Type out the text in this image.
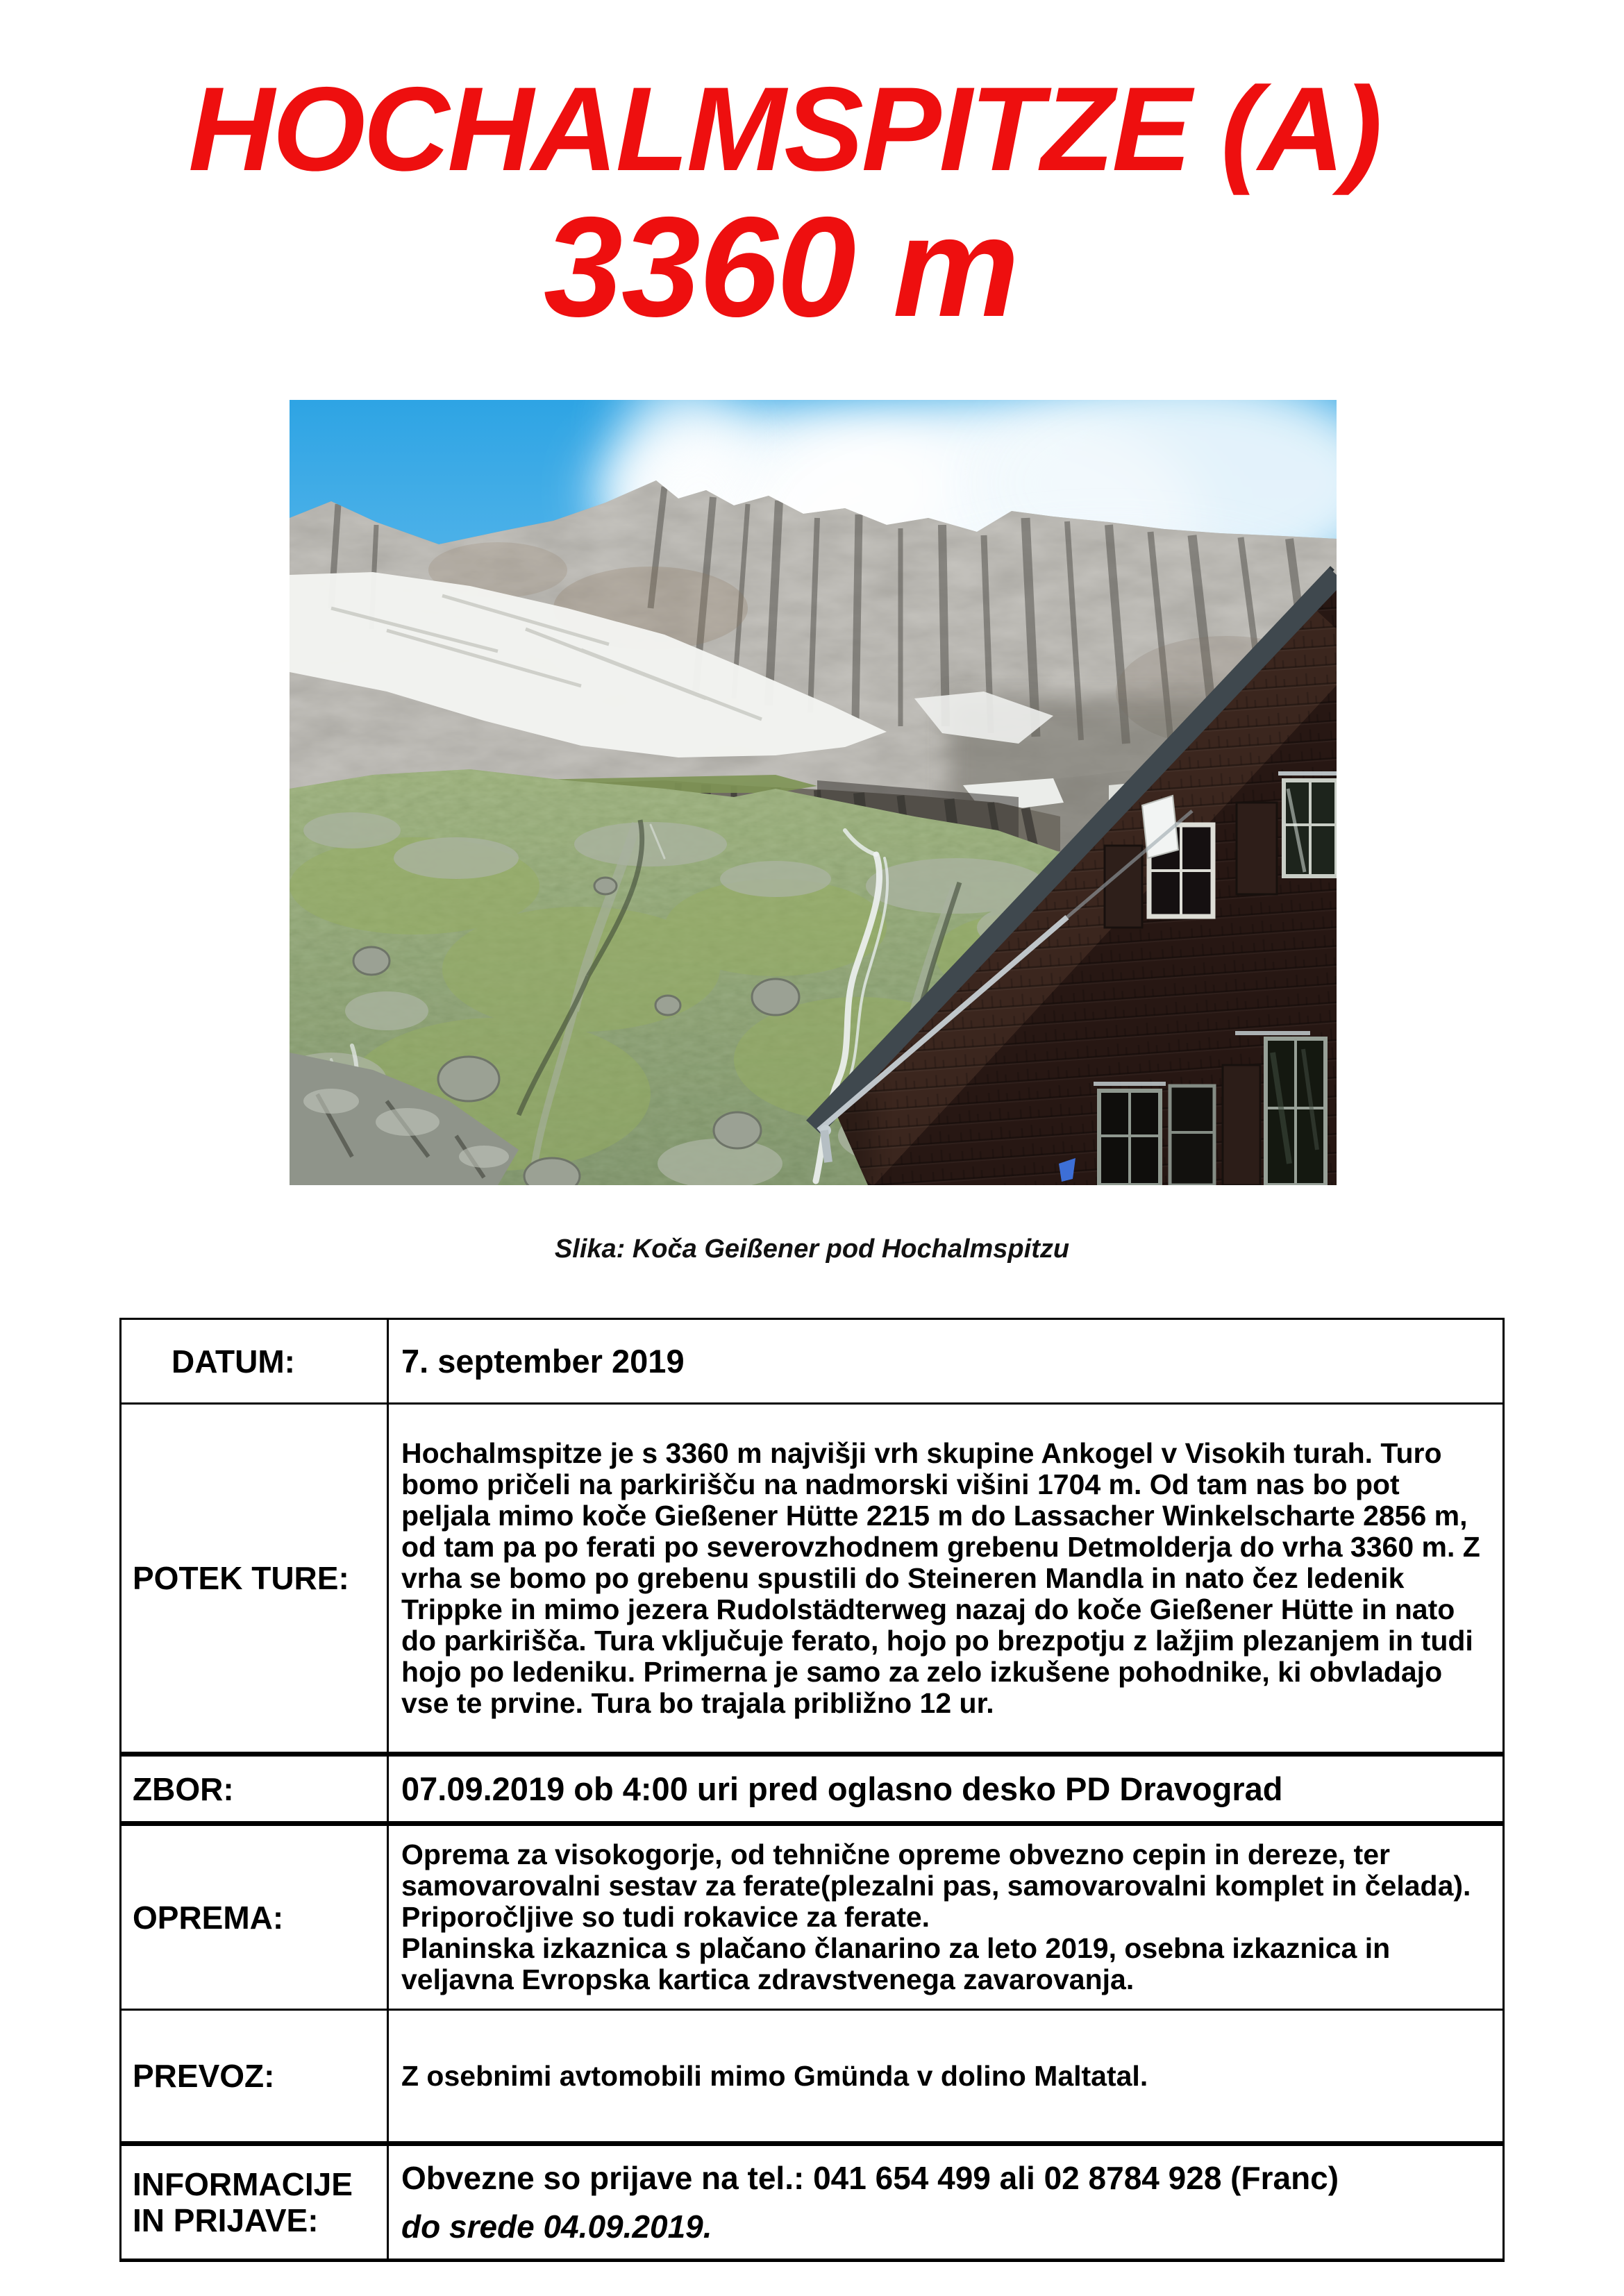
HOCHALMSPITZE (A)
3360 m
Slika: Koča Geißener pod Hochalmspitzu
DATUM:	7. september 2019

POTEK TURE:	Hochalmspitze je s 3360 m najvišji vrh skupine Ankogel v Visokih turah. Turo bomo pričeli na parkirišču na nadmorski višini 1704 m. Od tam nas bo pot peljala mimo koče Gießener Hütte 2215 m do Lassacher Winkelscharte 2856 m, od tam pa po ferati po severovzhodnem grebenu Detmolderja do vrha 3360 m. Z vrha se bomo po grebenu spustili do Steineren Mandla in nato čez ledenik Trippke in mimo jezera Rudolstädterweg nazaj do koče Gießener Hütte in nato do parkirišča. Tura vključuje ferato, hojo po brezpotju z lažjim plezanjem in tudi hojo po ledeniku. Primerna je samo za zelo izkušene pohodnike, ki obvladajo vse te prvine. Tura bo trajala približno 12 ur.

ZBOR:	07.09.2019 ob 4:00 uri pred oglasno desko PD Dravograd

OPREMA:	Oprema za visokogorje, od tehnične opreme obvezno cepin in dereze, ter samovarovalni sestav za ferate(plezalni pas, samovarovalni komplet in čelada). Priporočljive so tudi rokavice za ferate.

Planinska izkaznica s plačano članarino za leto 2019, osebna izkaznica in veljavna Evropska kartica zdravstvenega zavarovanja.

PREVOZ:	Z osebnimi avtomobili mimo Gmünda v dolino Maltatal.

INFORMACIJE IN PRIJAVE:	Obvezne so prijave na tel.: 041 654 499 ali 02 8784 928 (Franc)

do srede 04.09.2019.
